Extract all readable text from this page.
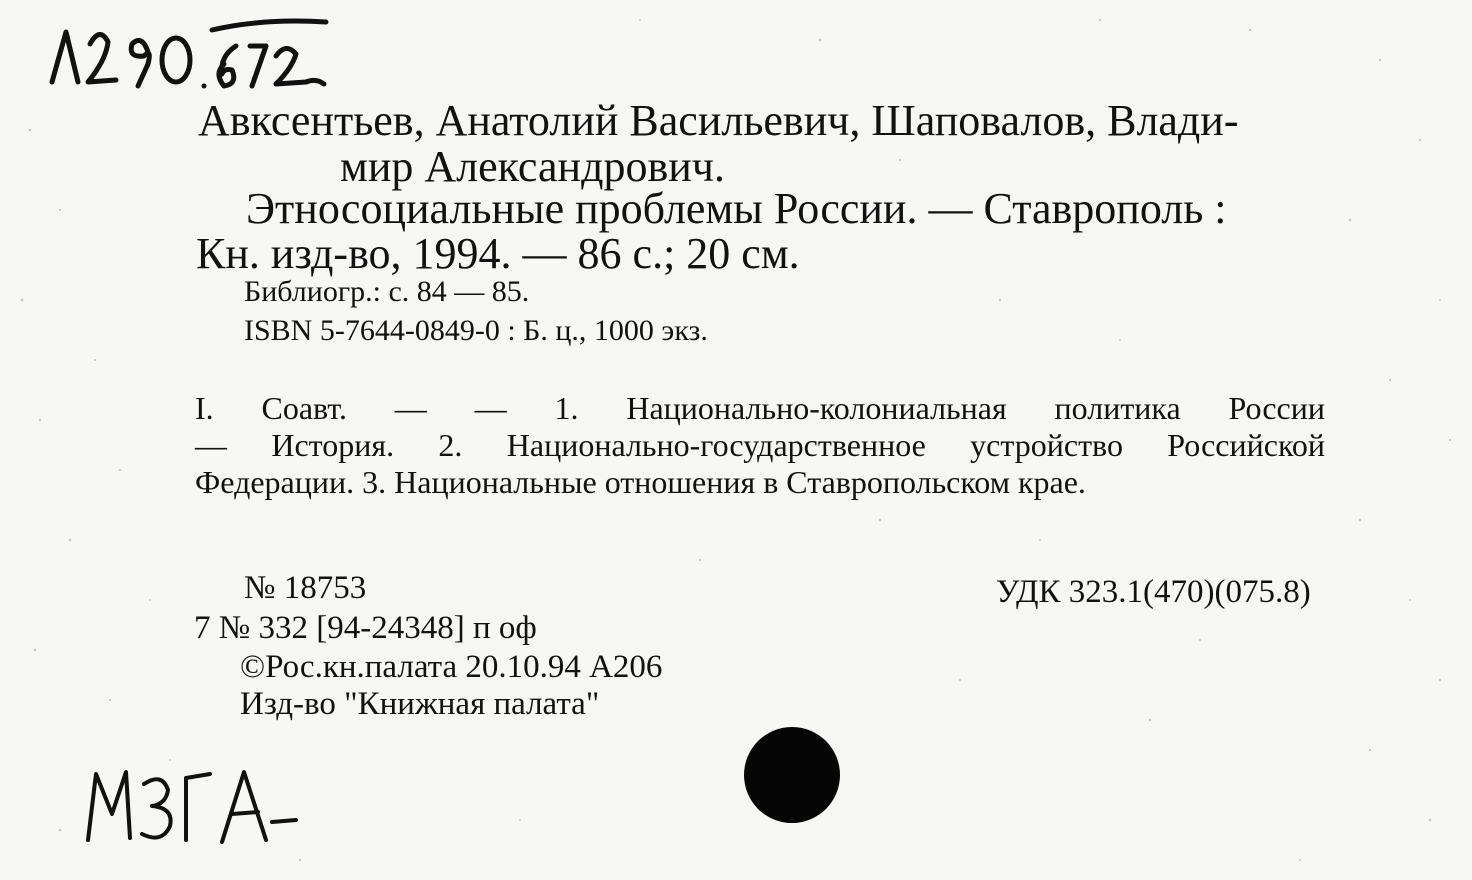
Авксентьев, Анатолий Васильевич, Шаповалов, Влади-
мир Александрович.
Этносоциальные проблемы России. — Ставрополь :
Кн. изд-во, 1994. — 86 с.; 20 см.
Библиогр.: с. 84 — 85.
ISBN 5-7644-0849-0 : Б. ц., 1000 экз.
I. Соавт. — — 1. Национально-колониальная политика России
— История. 2. Национально-государственное устройство Российской
Федерации. 3. Национальные отношения в Ставропольском крае.
№ 18753	УДК 323.1(470)(075.8)
7 № 332 [94-24348] п оф
©Рос.кн.палата 20.10.94 А206
Изд-во "Книжная палата"
